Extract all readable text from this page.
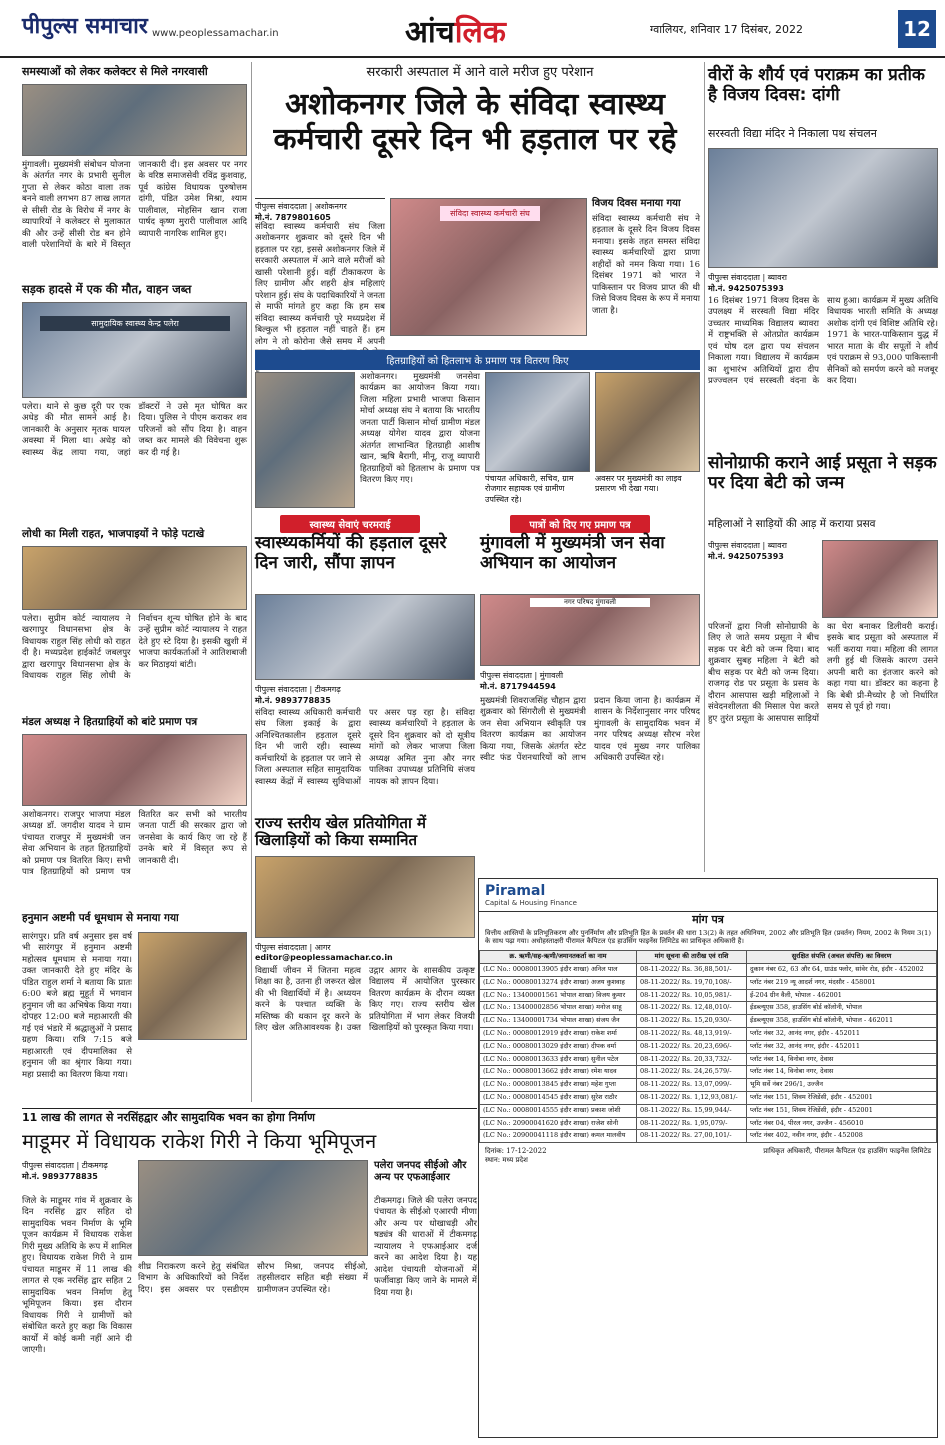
पीपुल्स समाचार www.peoplessamachar.in	आंचलिक	ग्वालियर, शनिवार 17 दिसंबर, 2022	12
समस्याओं को लेकर कलेक्टर से मिले नगरवासी
मुंगावली। मुख्यमंत्री संबोधन योजना के अंतर्गत नगर के प्रभारी सुनील गुप्ता से लेकर कोठा वाला तक बनने वाली लगभग 87 लाख लागत से सीसी रोड के विरोध में नगर के व्यापारियों ने कलेक्टर से मुलाकात की और उन्हें सीसी रोड बन होने वाली परेशानियों के बारे में विस्तृत जानकारी दी। इस अवसर पर नगर के वरिष्ठ समाजसेवी रविंद्र कुशवाह, पूर्व कांग्रेस विधायक पुरुषोत्तम दांगी, पंडित उमेश मिश्रा, श्याम पालीवाल, मोहसिन खान राजा पार्षद कृष्ण मुरारी पालीवाल आदि व्यापारी नागरिक शामिल हुए।
सड़क हादसे में एक की मौत, वाहन जब्त
सामुदायिक स्वास्थ्य केन्द्र पलेरा
पलेरा। थाने से कुछ दूरी पर एक अधेड़ की मौत सामने आई है। जानकारी के अनुसार मृतक घायल अवस्था में मिला था। अधेड़ को स्वास्थ्य केंद्र लाया गया, जहां डॉक्टरों ने उसे मृत घोषित कर दिया। पुलिस ने पीएम कराकर शव परिजनों को सौंप दिया है। वाहन जब्त कर मामले की विवेचना शुरू कर दी गई है।
लोधी का मिली राहत, भाजपाइयों ने फोड़े पटाखे
पलेरा। सुप्रीम कोर्ट न्यायालय ने खरगापुर विधानसभा क्षेत्र के विधायक राहुल सिंह लोधी को राहत दी है। मध्यप्रदेश हाईकोर्ट जबलपुर द्वारा खरगापुर विधानसभा क्षेत्र के विधायक राहुल सिंह लोधी के निर्वाचन शून्य घोषित होने के बाद उन्हें सुप्रीम कोर्ट न्यायालय ने राहत देते हुए स्टे दिया है। इसकी खुशी में भाजपा कार्यकर्ताओं ने आतिशबाजी कर मिठाइयां बांटी।
मंडल अध्यक्ष ने हितग्राहियों को बांटे प्रमाण पत्र
अशोकनगर। राजपुर भाजपा मंडल अध्यक्ष डॉ. जगदीश यादव ने ग्राम पंचायत राजपुर में मुख्यमंत्री जन सेवा अभियान के तहत हितग्राहियों को प्रमाण पत्र वितरित किए। सभी पात्र हितग्राहियों को प्रमाण पत्र वितरित कर सभी को भारतीय जनता पार्टी की सरकार द्वारा जो जनसेवा के कार्य किए जा रहे हैं उनके बारे में विस्तृत रूप से जानकारी दी।
हनुमान अष्टमी पर्व धूमधाम से मनाया गया
सारंगपुर। प्रति वर्ष अनुसार इस वर्ष भी सारंगपुर में हनुमान अष्टमी महोत्सव धूमधाम से मनाया गया। उक्त जानकारी देते हुए मंदिर के पंडित राहुल शर्मा ने बताया कि प्रातः 6:00 बजे ब्रह्म मुहूर्त में भगवान हनुमान जी का अभिषेक किया गया। दोपहर 12:00 बजे महाआरती की गई एवं भंडारे में श्रद्धालुओं ने प्रसाद ग्रहण किया। रात्रि 7:15 बजे महाआरती एवं दीपमालिका से हनुमान जी का श्रृंगार किया गया। महा प्रसादी का वितरण किया गया।
सरकारी अस्पताल में आने वाले मरीज हुए परेशान
अशोकनगर जिले के संविदा स्वास्थ्य कर्मचारी दूसरे दिन भी हड़ताल पर रहे
पीपुल्स संवाददाता | अशोकनगर
मो.नं. 7879801605
संविदा स्वास्थ्य कर्मचारी संघ जिला अशोकनगर शुक्रवार को दूसरे दिन भी हड़ताल पर रहा, इससे अशोकनगर जिले में सरकारी अस्पताल में आने वाले मरीजों को खासी परेशानी हुई। वहीं टीकाकरण के लिए ग्रामीण और शहरी क्षेत्र महिलाएं परेशान हुई। संघ के पदाधिकारियों ने जनता से माफी मांगते हुए कहा कि हम सब संविदा स्वास्थ्य कर्मचारी पूरे मध्यप्रदेश में बिल्कुल भी हड़ताल नहीं चाहते हैं। हम लोग ने तो कोरोना जैसे समय में अपनी
संविदा स्वास्थ्य कर्मचारी संघ
विजय दिवस मनाया गया
संविदा स्वास्थ्य कर्मचारी संघ ने हड़ताल के दूसरे दिन विजय दिवस मनाया। इसके तहत समस्त संविदा स्वास्थ्य कर्मचारियों द्वारा प्राणा शहीदों को नमन किया गया। 16 दिसंबर 1971 को भारत ने पाकिस्तान पर विजय प्राप्त की थी जिसे विजय दिवस के रूप में मनाया जाता है।
हितग्राहियों को हितलाभ के प्रमाण पत्र वितरण किए
अशोकनगर। मुख्यमंत्री जनसेवा कार्यक्रम का आयोजन किया गया। जिला महिला प्रभारी भाजपा किसान मोर्चा अध्यक्ष संघ ने बताया कि भारतीय जनता पार्टी किसान मोर्चा ग्रामीण मंडल अध्यक्ष योगेश यादव द्वारा योजना अंतर्गत लाभान्वित हितग्राही आशीष खान, ऋषि बैरागी, मीनू, राजू व्यापारी हितग्राहियों को हितलाभ के प्रमाण पत्र वितरण किए गए।	पंचायत अधिकारी, सचिव, ग्राम रोजगार सहायक एवं ग्रामीण उपस्थित रहे।
अवसर पर मुख्यमंत्री का लाइव प्रसारण भी देखा गया।
स्वास्थ्य सेवाएं चरमराई
स्वास्थ्यकर्मियों की हड़ताल दूसरे दिन जारी, सौंपा ज्ञापन
पीपुल्स संवाददाता | टीकमगढ़
मो.नं. 9893778835
संविदा स्वास्थ्य अधिकारी कर्मचारी संघ जिला इकाई के द्वारा अनिश्चितकालीन हड़ताल दूसरे दिन भी जारी रही। स्वास्थ्य कर्मचारियों के हड़ताल पर जाने से जिला अस्पताल सहित सामुदायिक स्वास्थ्य केंद्रों में स्वास्थ्य सुविधाओं पर असर पड़ रहा है। संविदा स्वास्थ्य कर्मचारियों ने हड़ताल के दूसरे दिन शुक्रवार को दो सूत्रीय मांगों को लेकर भाजपा जिला अध्यक्ष अमित नुना और नगर पालिका उपाध्यक्ष प्रतिनिधि संजय नायक को ज्ञापन दिया।
पात्रों को दिए गए प्रमाण पत्र
मुंगावली में मुख्यमंत्री जन सेवा अभियान का आयोजन
नगर परिषद मुंगावली
पीपुल्स संवाददाता | मुंगावली
मो.नं. 8717944594
मुख्यमंत्री शिवराजसिंह चौहान द्वारा शुक्रवार को सिंगरौली से मुख्यमंत्री जन सेवा अभियान स्वीकृति पत्र वितरण कार्यक्रम का आयोजन किया गया, जिसके अंतर्गत स्टेट स्वीट फंड पेंशनधारियों को लाभ प्रदान किया जाना है। कार्यक्रम में शासन के निर्देशानुसार नगर परिषद मुंगावली के सामुदायिक भवन में नगर परिषद अध्यक्ष सौरभ नरेश यादव एवं मुख्य नगर पालिका अधिकारी उपस्थित रहे।
राज्य स्तरीय खेल प्रतियोगिता में खिलाड़ियों को किया सम्मानित
पीपुल्स संवाददाता | आगर
editor@peoplessamachar.co.in
विद्यार्थी जीवन में जितना महत्व शिक्षा का है, उतना ही जरूरत खेल की भी विद्यार्थियों में है। अध्ययन करने के पश्चात व्यक्ति के मस्तिष्क की थकान दूर करने के लिए खेल अतिआवश्यक है। उक्त उद्गार आगर के शासकीय उत्कृष्ट विद्यालय में आयोजित पुरस्कार वितरण कार्यक्रम के दौरान व्यक्त किए गए। राज्य स्तरीय खेल प्रतियोगिता में भाग लेकर विजयी खिलाड़ियों को पुरस्कृत किया गया।
11 लाख की लागत से नरसिंहद्वार और सामुदायिक भवन का होगा निर्माण
माडूमर में विधायक राकेश गिरी ने किया भूमिपूजन
पीपुल्स संवाददाता | टीकमगढ़
मो.नं. 9893778835
जिले के माडूमर गांव में शुक्रवार के दिन नरसिंह द्वार सहित दो सामुदायिक भवन निर्माण के भूमि पूजन कार्यक्रम में विधायक राकेश गिरी मुख्य अतिथि के रूप में शामिल हुए। विधायक राकेश गिरी ने ग्राम पंचायत माडूमर में 11 लाख की लागत से एक नरसिंह द्वार सहित 2 सामुदायिक भवन निर्माण हेतु भूमिपूजन किया। इस दौरान विधायक गिरी ने ग्रामीणों को संबोधित करते हुए कहा कि विकास कार्यों में कोई कमी नहीं आने दी जाएगी।
शीघ्र निराकरण करने हेतु संबंधित विभाग के अधिकारियों को निर्देश दिए। इस अवसर पर एसडीएम सौरभ मिश्रा, जनपद सीईओ, तहसीलदार सहित बड़ी संख्या में ग्रामीणजन उपस्थित रहे।
पलेरा जनपद सीईओ और अन्य पर एफआईआर
टीकमगढ़। जिले की पलेरा जनपद पंचायत के सीईओ एआरपी मीणा और अन्य पर धोखाधड़ी और षड्यंत्र की धाराओं में टीकमगढ़ न्यायालय ने एफआईआर दर्ज करने का आदेश दिया है। यह आदेश पंचायती योजनाओं में फर्जीवाड़ा किए जाने के मामले में दिया गया है।
वीरों के शौर्य एवं पराक्रम का प्रतीक है विजय दिवस: दांगी
सरस्वती विद्या मंदिर ने निकाला पथ संचलन
पीपुल्स संवाददाता | ब्यावरा
मो.नं. 9425075393
16 दिसंबर 1971 विजय दिवस के उपलक्ष्य में सरस्वती विद्या मंदिर उच्चतर माध्यमिक विद्यालय ब्यावरा में राष्ट्रभक्ति से ओतप्रोत कार्यक्रम एवं घोष दल द्वारा पथ संचलन निकाला गया। विद्यालय में कार्यक्रम का शुभारंभ अतिथियों द्वारा दीप प्रज्ज्वलन एवं सरस्वती वंदना के साथ हुआ। कार्यक्रम में मुख्य अतिथि विधायक भारती समिति के अध्यक्ष अशोक दांगी एवं विशिष्ट अतिथि रहे। 1971 के भारत-पाकिस्तान युद्ध में भारत माता के वीर सपूतों ने शौर्य एवं पराक्रम से 93,000 पाकिस्तानी सैनिकों को समर्पण करने को मजबूर कर दिया।
सोनोग्राफी कराने आई प्रसूता ने सड़क पर दिया बेटी को जन्म
महिलाओं ने साड़ियों की आड़ में कराया प्रसव
पीपुल्स संवाददाता | ब्यावरा
मो.नं. 9425075393
परिजनों द्वारा निजी सोनोग्राफी के लिए ले जाते समय प्रसूता ने बीच सड़क पर बेटी को जन्म दिया। बाद शुक्रवार सुबह महिला ने बेटी को बीच सड़क पर बेटी को जन्म दिया। राजगढ़ रोड पर प्रसूता के प्रसव के दौरान आसपास खड़ी महिलाओं ने संवेदनशीलता की मिसाल पेश करते हुए तुरंत प्रसूता के आसपास साड़ियों का घेरा बनाकर डिलीवरी कराई। इसके बाद प्रसूता को अस्पताल में भर्ती कराया गया। महिला की लागत लगी हुई थी जिसके कारण उसने अपनी बारी का इंतजार करने को कहा गया था। डॉक्टर का कहना है कि बेबी प्री-मैच्योर है जो निर्धारित समय से पूर्व हो गया।
Piramal
Capital & Housing Finance
मांग पत्र
वित्तीय आस्तियों के प्रतिभूतिकरण और पुनर्निर्माण और प्रतिभूति हित के प्रवर्तन की धारा 13(2) के तहत अधिनियम, 2002 और प्रतिभूति हित (प्रवर्तन) नियम, 2002 के नियम 3(1) के साथ पढ़ा गया। अधोहस्ताक्षरी पीरामल कैपिटल एंड हाउसिंग फाइनेंस लिमिटेड का प्राधिकृत अधिकारी है।
क्र. ऋणी/सह-ऋणी/जमानतकर्ता का नाम	मांग सूचना की तारीख एवं राशि	सुरक्षित संपत्ति (अचल संपत्ति) का विवरण
(LC No.: 00080013905 इंदौर शाखा) अनिल पाल	08-11-2022/ Rs. 36,88,501/-	दुकान नंबर 62, 63 और 64, ग्राउंड फ्लोर, सांवेर रोड, इंदौर - 452002
(LC No.: 00080013274 इंदौर शाखा) अजय कुशवाह	08-11-2022/ Rs. 19,70,108/-	प्लॉट नंबर 219 न्यू आदर्श नगर, मंदसौर - 458001
(LC No.: 13400001561 भोपाल शाखा) विजय कुमार	08-11-2022/ Rs. 10,05,981/-	ई-204 ग्रीन वैली, भोपाल - 462001
(LC No.: 13400002856 भोपाल शाखा) मनोज साहू	08-11-2022/ Rs. 12,48,010/-	ईडब्ल्यूएस 358, हाउसिंग बोर्ड कॉलोनी, भोपाल
(LC No.: 13400001734 भोपाल शाखा) संजय जैन	08-11-2022/ Rs. 15,20,930/-	ईडब्ल्यूएस 358, हाउसिंग बोर्ड कॉलोनी, भोपाल - 462011
(LC No.: 00080012919 इंदौर शाखा) राकेश शर्मा	08-11-2022/ Rs. 48,13,919/-	प्लॉट नंबर 32, आनंद नगर, इंदौर - 452011
(LC No.: 00080013029 इंदौर शाखा) दीपक वर्मा	08-11-2022/ Rs. 20,23,696/-	प्लॉट नंबर 32, आनंद नगर, इंदौर - 452011
(LC No.: 00080013633 इंदौर शाखा) सुनील पटेल	08-11-2022/ Rs. 20,33,732/-	प्लॉट नंबर 14, विनोबा नगर, देवास
(LC No.: 00080013662 इंदौर शाखा) रमेश यादव	08-11-2022/ Rs. 24,26,579/-	प्लॉट नंबर 14, विनोबा नगर, देवास
(LC No.: 00080013845 इंदौर शाखा) महेश गुप्ता	08-11-2022/ Rs. 13,07,099/-	भूमि सर्वे नंबर 296/1, उज्जैन
(LC No.: 00080014545 इंदौर शाखा) सुरेश राठौर	08-11-2022/ Rs. 1,12,93,081/-	प्लॉट नंबर 151, शिवम रेजिडेंसी, इंदौर - 452001
(LC No.: 00080014555 इंदौर शाखा) प्रकाश जोशी	08-11-2022/ Rs. 15,99,944/-	प्लॉट नंबर 151, शिवम रेजिडेंसी, इंदौर - 452001
(LC No.: 20900041620 इंदौर शाखा) राजेश सोनी	08-11-2022/ Rs. 1,95,079/-	प्लॉट नंबर 04, पीरल नगर, उज्जैन - 456010
(LC No.: 20900041118 इंदौर शाखा) कमल मालवीय	08-11-2022/ Rs. 27,00,101/-	प्लॉट नंबर 402, नवीन नगर, इंदौर - 452008
दिनांक: 17-12-2022
स्थान: मध्य प्रदेश
प्राधिकृत अधिकारी, पीरामल कैपिटल एंड हाउसिंग फाइनेंस लिमिटेड
